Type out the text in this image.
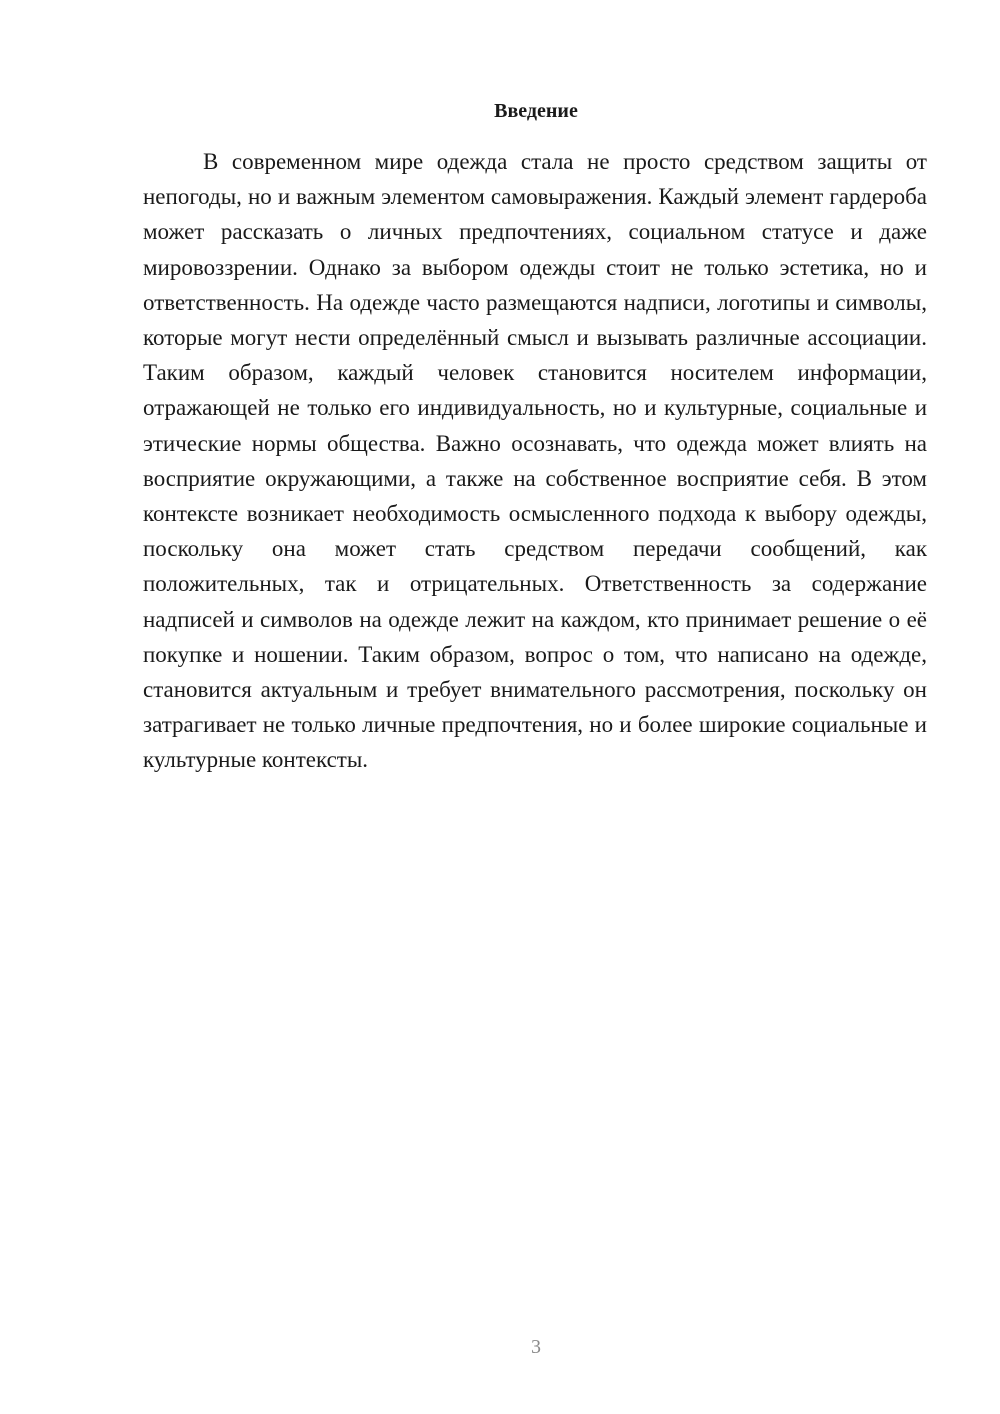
Введение

В современном мире одежда стала не просто средством защиты от непогоды, но и важным элементом самовыражения. Каждый элемент гардероба может рассказать о личных предпочтениях, социальном статусе и даже мировоззрении. Однако за выбором одежды стоит не только эстетика, но и ответственность. На одежде часто размещаются надписи, логотипы и символы, которые могут нести определённый смысл и вызывать различные ассоциации. Таким образом, каждый человек становится носителем информации, отражающей не только его индивидуальность, но и культурные, социальные и этические нормы общества. Важно осознавать, что одежда может влиять на восприятие окружающими, а также на собственное восприятие себя. В этом контексте возникает необходимость осмысленного подхода к выбору одежды, поскольку она может стать средством передачи сообщений, как положительных, так и отрицательных. Ответственность за содержание надписей и символов на одежде лежит на каждом, кто принимает решение о её покупке и ношении. Таким образом, вопрос о том, что написано на одежде, становится актуальным и требует внимательного рассмотрения, поскольку он затрагивает не только личные предпочтения, но и более широкие социальные и культурные контексты.

3
